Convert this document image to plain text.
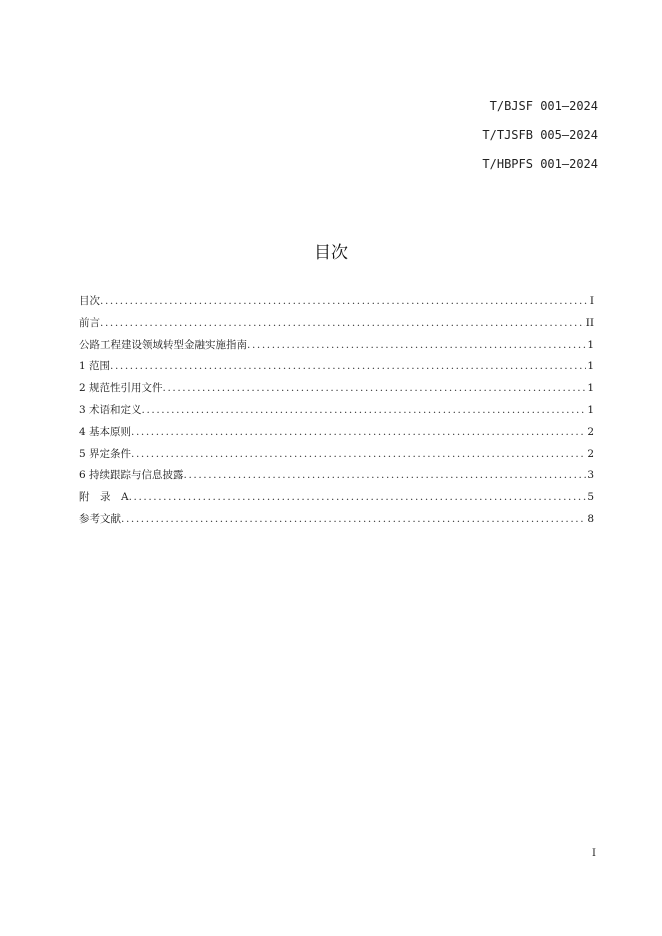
T/BJSF 001—2024
T/TJSFB 005—2024
T/HBPFS 001—2024
目次
目次 .....	I
前言 .....	II
公路工程建设领域转型金融实施指南 .....	1
1 范围 .....	1
2 规范性引用文件 .....	1
3 术语和定义 .....	1
4 基本原则 .....	2
5 界定条件 .....	2
6 持续跟踪与信息披露 .....	3
附　录　A .....	5
参考文献 .....	8
I
